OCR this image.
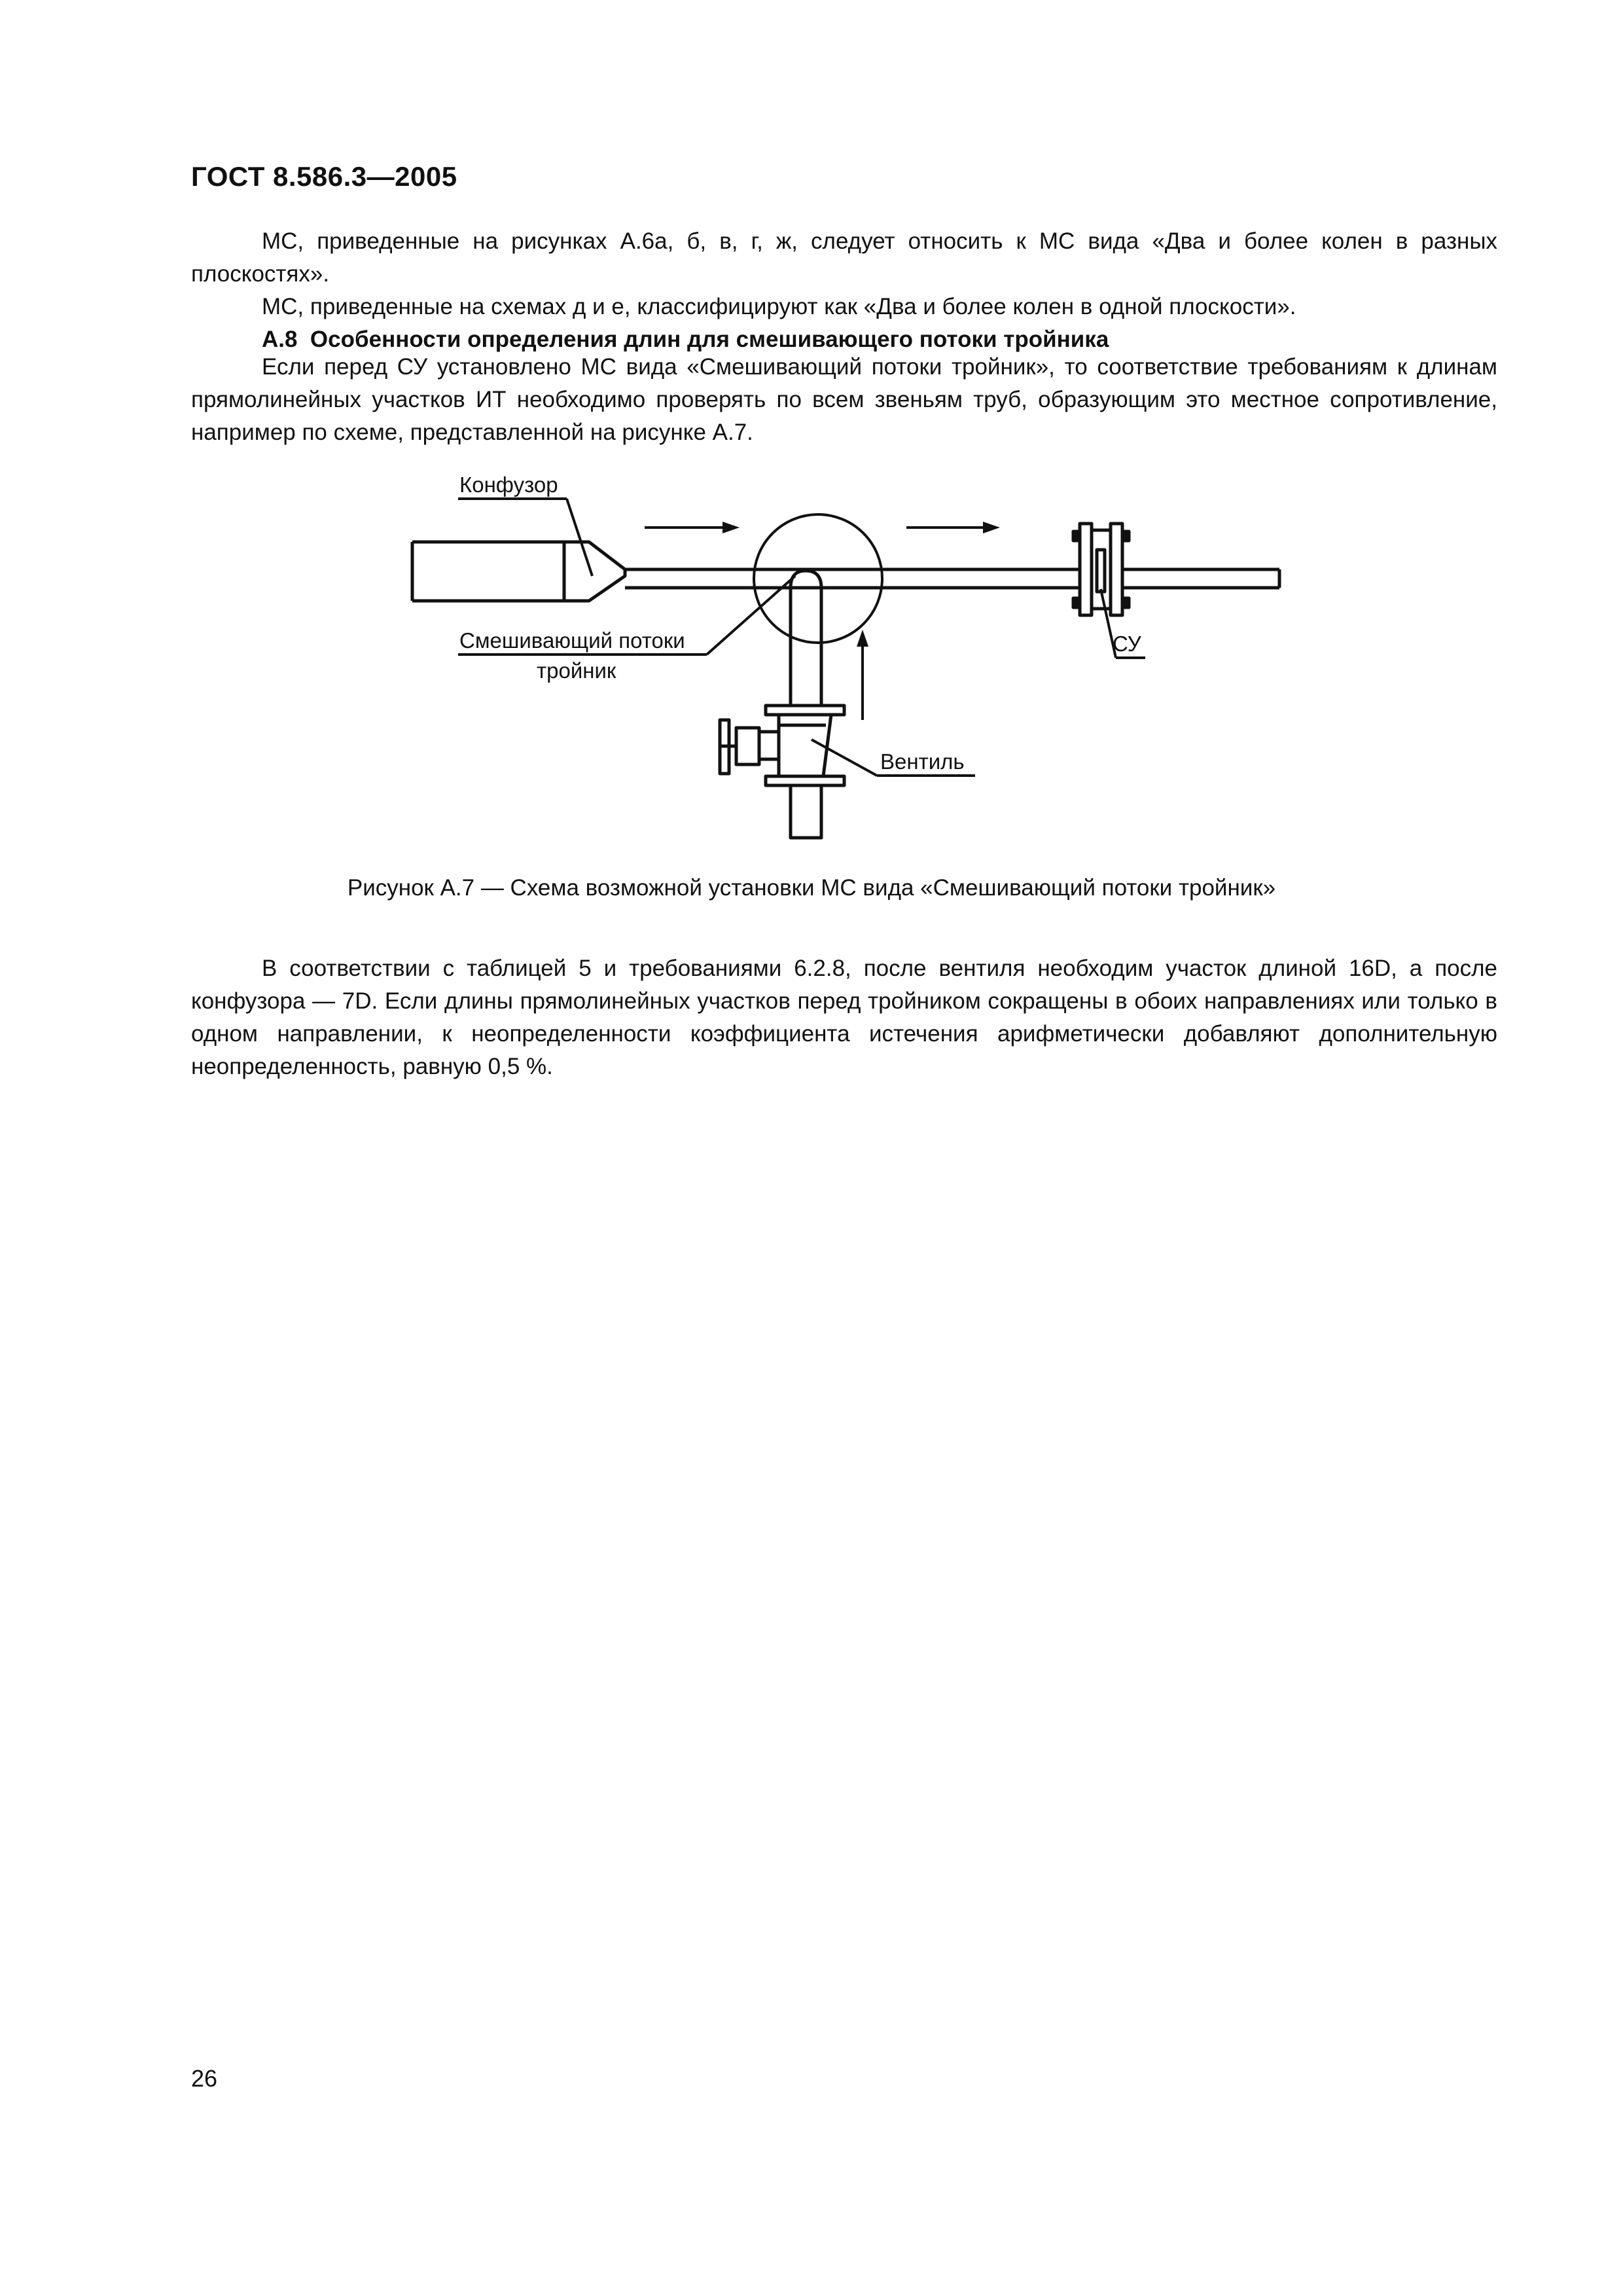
ГОСТ 8.586.3—2005

МС, приведенные на рисунках А.6а, б, в, г, ж, следует относить к МС вида «Два и более колен в разных плоскостях».

МС, приведенные на схемах д и е, классифицируют как «Два и более колен в одной плоскости».

А.8 Особенности определения длин для смешивающего потоки тройника

Если перед СУ установлено МС вида «Смешивающий потоки тройник», то соответствие требованиям к длинам прямолинейных участков ИТ необходимо проверять по всем звеньям труб, образующим это местное сопротивление, например по схеме, представленной на рисунке А.7.

Конфузор
Смешивающий потоки
тройник
Вентиль
СУ
Рисунок А.7 — Схема возможной установки МС вида «Смешивающий потоки тройник»

В соответствии с таблицей 5 и требованиями 6.2.8, после вентиля необходим участок длиной 16D, а после конфузора — 7D. Если длины прямолинейных участков перед тройником сокращены в обоих направлениях или только в одном направлении, к неопределенности коэффициента истечения арифметически добавляют дополнительную неопределенность, равную 0,5 %.

26
